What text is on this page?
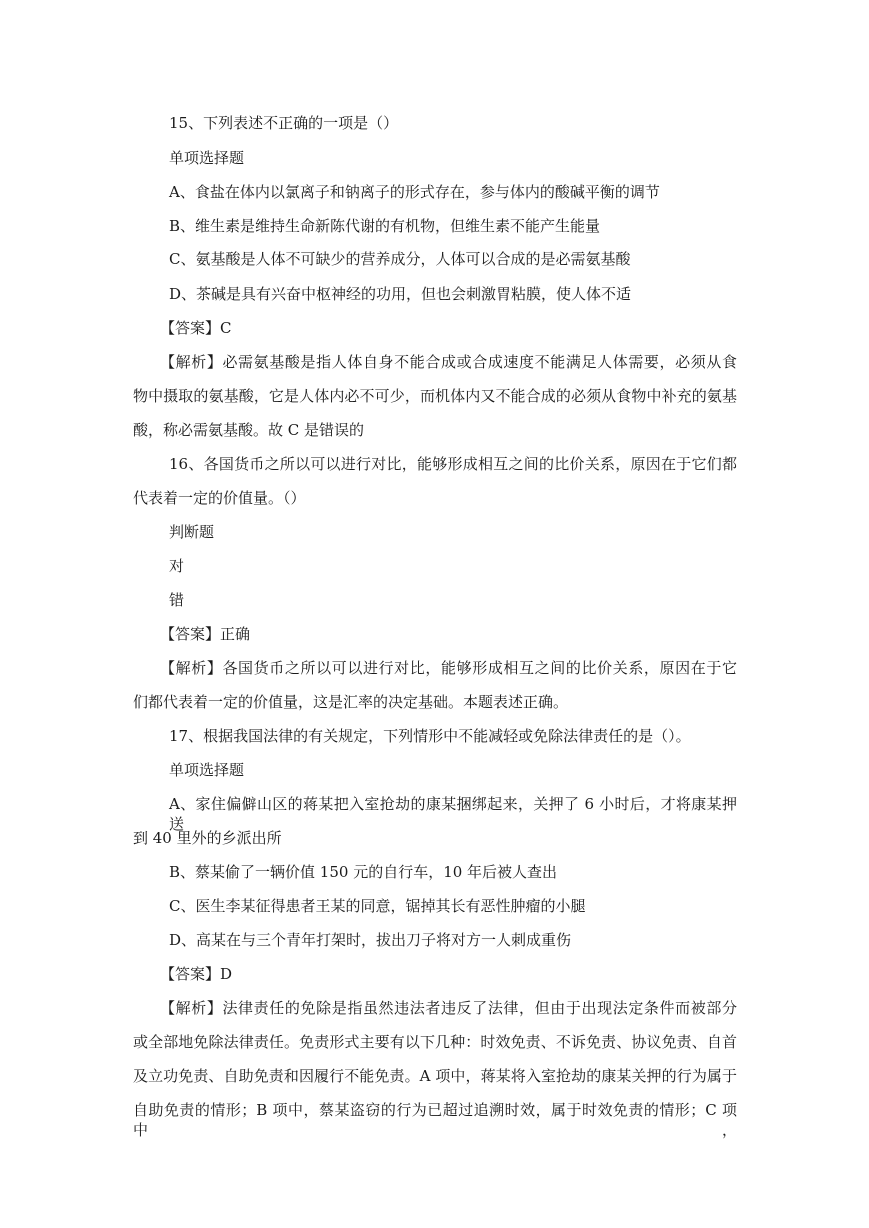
15、下列表述不正确的一项是（）
单项选择题
A、食盐在体内以氯离子和钠离子的形式存在，参与体内的酸碱平衡的调节
B、维生素是维持生命新陈代谢的有机物，但维生素不能产生能量
C、氨基酸是人体不可缺少的营养成分，人体可以合成的是必需氨基酸
D、茶碱是具有兴奋中枢神经的功用，但也会刺激胃粘膜，使人体不适
【答案】C
【解析】必需氨基酸是指人体自身不能合成或合成速度不能满足人体需要，必须从食
物中摄取的氨基酸，它是人体内必不可少，而机体内又不能合成的必须从食物中补充的氨基
酸，称必需氨基酸。故 C 是错误的
16、各国货币之所以可以进行对比，能够形成相互之间的比价关系，原因在于它们都
代表着一定的价值量。（）
判断题
对
错
【答案】正确
【解析】各国货币之所以可以进行对比，能够形成相互之间的比价关系，原因在于它
们都代表着一定的价值量，这是汇率的决定基础。本题表述正确。
17、根据我国法律的有关规定，下列情形中不能减轻或免除法律责任的是（）。
单项选择题
A、家住偏僻山区的蒋某把入室抢劫的康某捆绑起来，关押了 6 小时后，才将康某押送
到 40 里外的乡派出所
B、蔡某偷了一辆价值 150 元的自行车，10 年后被人查出
C、医生李某征得患者王某的同意，锯掉其长有恶性肿瘤的小腿
D、高某在与三个青年打架时，拔出刀子将对方一人刺成重伤
【答案】D
【解析】法律责任的免除是指虽然违法者违反了法律，但由于出现法定条件而被部分
或全部地免除法律责任。免责形式主要有以下几种：时效免责、不诉免责、协议免责、自首
及立功免责、自助免责和因履行不能免责。A 项中，蒋某将入室抢劫的康某关押的行为属于
自助免责的情形；B 项中，蔡某盗窃的行为已超过追溯时效，属于时效免责的情形；C 项中，
